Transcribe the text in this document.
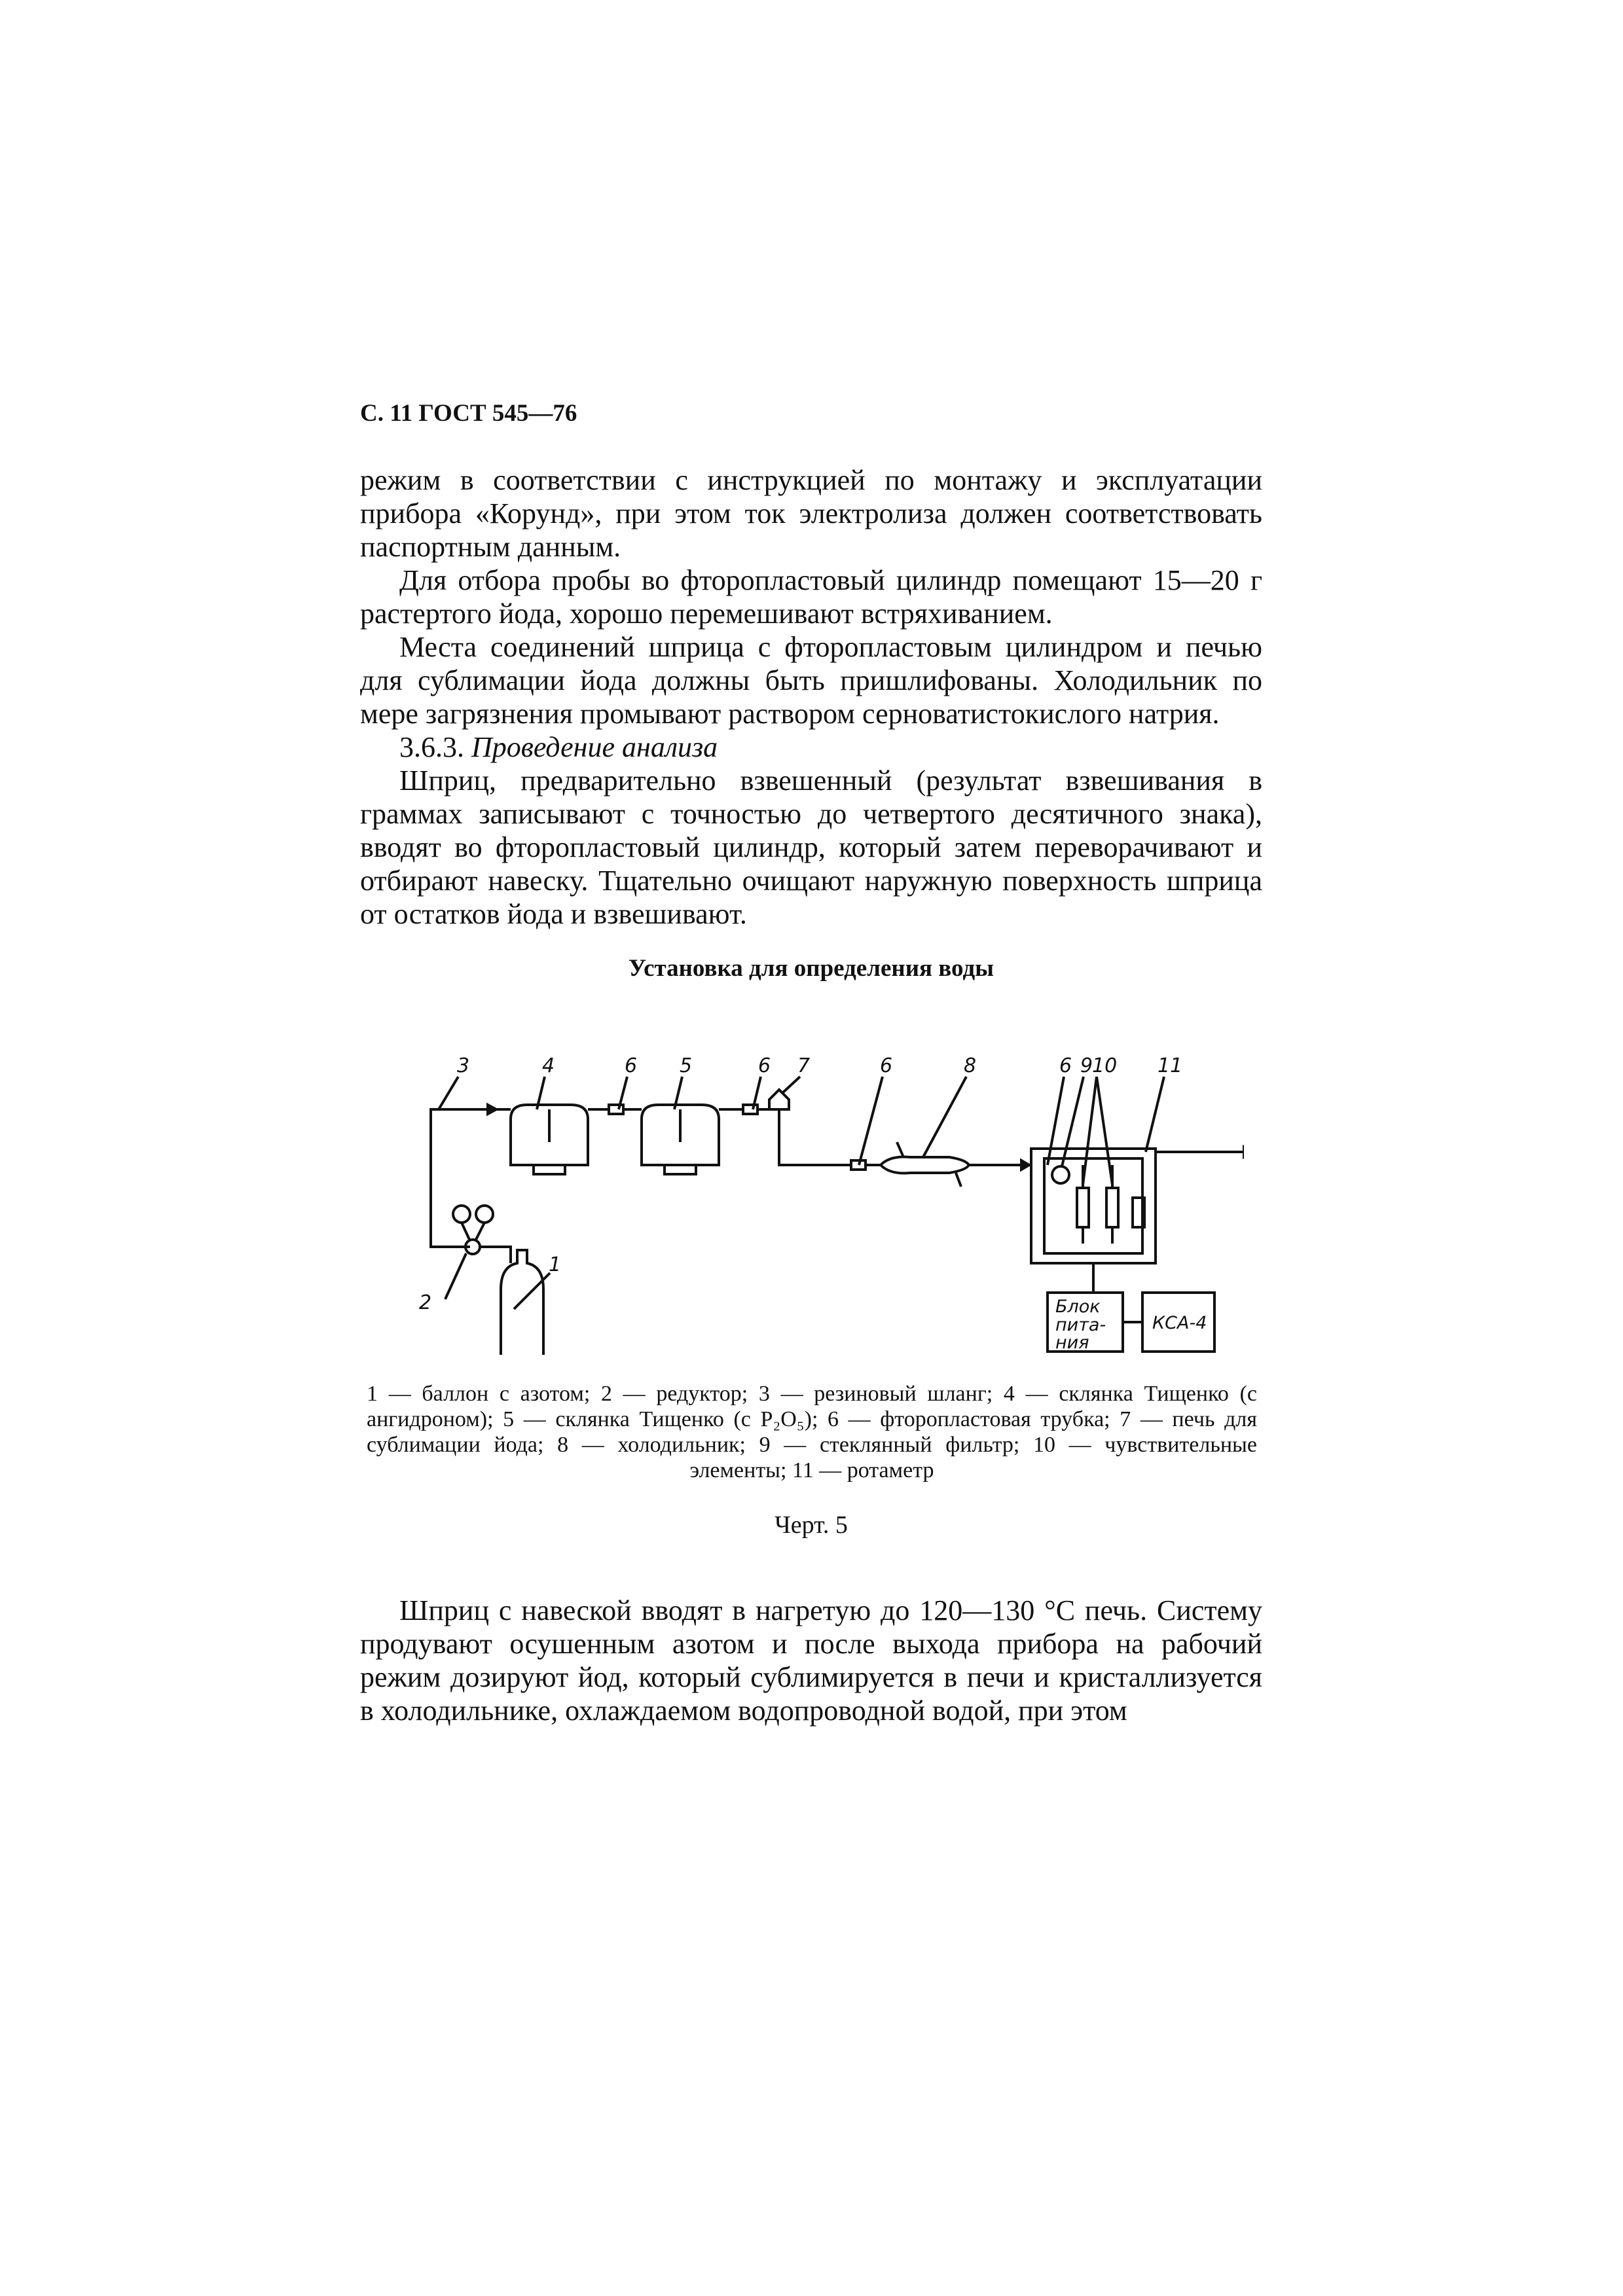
С. 11 ГОСТ 545—76

режим в соответствии с инструкцией по монтажу и эксплуатации прибора «Корунд», при этом ток электролиза должен соответствовать паспортным данным.

Для отбора пробы во фторопластовый цилиндр помещают 15—20 г растертого йода, хорошо перемешивают встряхиванием.

Места соединений шприца с фторопластовым цилиндром и печью для сублимации йода должны быть пришлифованы. Холодильник по мере загрязнения промывают раствором серноватистокислого натрия.

3.6.3. Проведение анализа

Шприц, предварительно взвешенный (результат взвешивания в граммах записывают с точностью до четвертого десятичного знака), вводят во фторопластовый цилиндр, который затем переворачивают и отбирают навеску. Тщательно очищают наружную поверхность шприца от остатков йода и взвешивают.

Установка для определения воды
3	4	6 5	6 7	6	8	6 9
10 11
2
1
Блок
пита-
ния
КСА-4
1 — баллон с азотом; 2 — редуктор; 3 — резиновый шланг; 4 — склянка Тищенко (с ангидроном); 5 — склянка Тищенко (с P₂O₅); 6 — фторопластовая трубка; 7 — печь для сублимации йода; 8 — холодильник; 9 — стеклянный фильтр; 10 — чувствительные элементы; 11 — ротаметр
Черт. 5

Шприц с навеской вводят в нагретую до 120—130 °С печь. Систему продувают осушенным азотом и после выхода прибора на рабочий режим дозируют йод, который сублимируется в печи и кристаллизуется в холодильнике, охлаждаемом водопроводной водой, при этом
